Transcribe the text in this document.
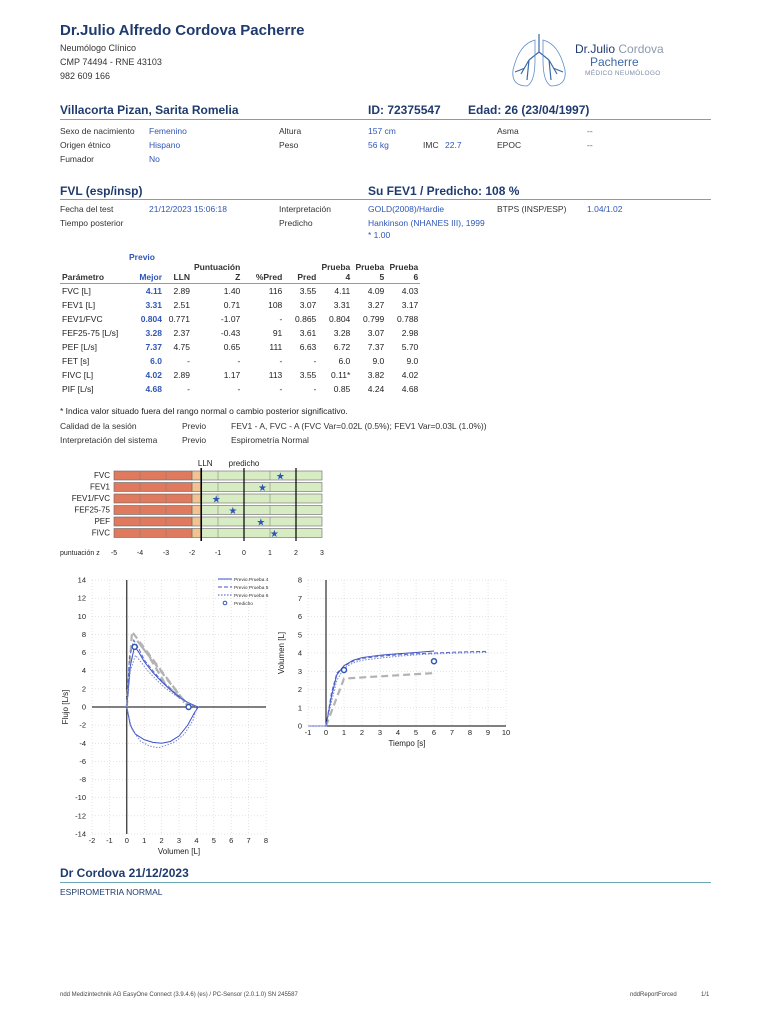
Dr.Julio Alfredo Cordova Pacherre
Neumólogo Clínico
CMP 74494 - RNE 43103
982 609 166
Dr.Julio Cordova
Pacherre
MÉDICO NEUMÓLOGO
Villacorta Pizan, Sarita Romelia	ID: 72375547 Edad: 26 (23/04/1997)
Sexo de nacimiento Femenino
Origen étnico	Hispano
Fumador	No
Altura	157 cm
Peso	56 kg	IMC 22.7
Asma	--
EPOC	--
FVL (esp/insp)	Su FEV1 / Predicho: 108 %
Fecha del test	21/12/2023 15:06:18
Tiempo posterior
Interpretación	GOLD(2008)/Hardie
Predicho	Hankinson (NHANES III), 1999
* 1.00
BTPS (INSP/ESP) 1.04/1.02
Previo
Parámetro	Mejor	LLN	Puntuación Z	%Pred	Pred	Prueba 4	Prueba 5	Prueba 6
FVC [L]	4.11	2.89	1.40	116	3.55	4.11	4.09	4.03
FEV1 [L]	3.31	2.51	0.71	108	3.07	3.31	3.27	3.17
FEV1/FVC	0.804	0.771	-1.07	-	0.865	0.804	0.799	0.788
FEF25-75 [L/s]	3.28	2.37	-0.43	91	3.61	3.28	3.07	2.98
PEF [L/s]	7.37	4.75	0.65	111	6.63	6.72	7.37	5.70
FET [s]	6.0	-	-	-	-	6.0	9.0	9.0
FIVC [L]	4.02	2.89	1.17	113	3.55	0.11*	3.82	4.02
PIF [L/s]	4.68	-	-	-	-	0.85	4.24	4.68
* Indica valor situado fuera del rango normal o cambio posterior significativo.
Calidad de la sesión	Previo	FEV1 - A, FVC - A (FVC Var=0.02L (0.5%); FEV1 Var=0.03L (1.0%))
Interpretación del sistema	Previo	Espirometría Normal
FVC
FEV1
FEV1/FVC
FEF25-75
PEF
FIVC
LLN predicho
★
★
★
★
★
★
puntuación z -5	-4	-3	-2	-1	0	1	2	3
-2 -1 0 1 2 3 4 5 6 7 8
14
12
10
8
6
4
2
0
-2
-4
-6
-8
-10
-12
-14
Volumen [L]
Flujo [L/s]
Previo Prueba 4
Previo Prueba 5
Previo Prueba 6
Predicho
-1 0 1 2 3 4 5 6 7 8 9 10
8
7
6
5
4
3
2
1
0
Tiempo [s]
Volumen [L]
Dr Cordova 21/12/2023
ESPIROMETRIA NORMAL
ndd Medizintechnik AG EasyOne Connect (3.9.4.6) (es) / PC-Sensor (2.0.1.0) SN 245587	nddReportForced	1/1
